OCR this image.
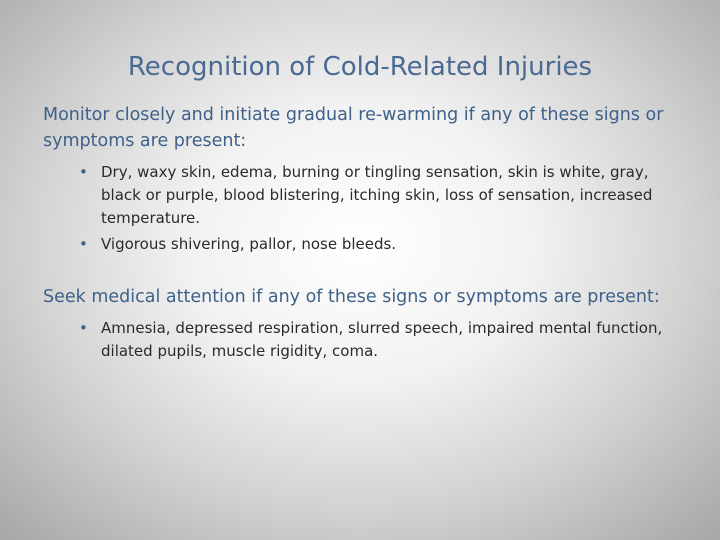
Recognition of Cold-Related Injuries

Monitor closely and initiate gradual re-warming if any of these signs or symptoms are present:

• Dry, waxy skin, edema, burning or tingling sensation, skin is white, gray, black or purple, blood blistering, itching skin, loss of sensation, increased temperature.
• Vigorous shivering, pallor, nose bleeds.

Seek medical attention if any of these signs or symptoms are present:

• Amnesia, depressed respiration, slurred speech, impaired mental function, dilated pupils, muscle rigidity, coma.
